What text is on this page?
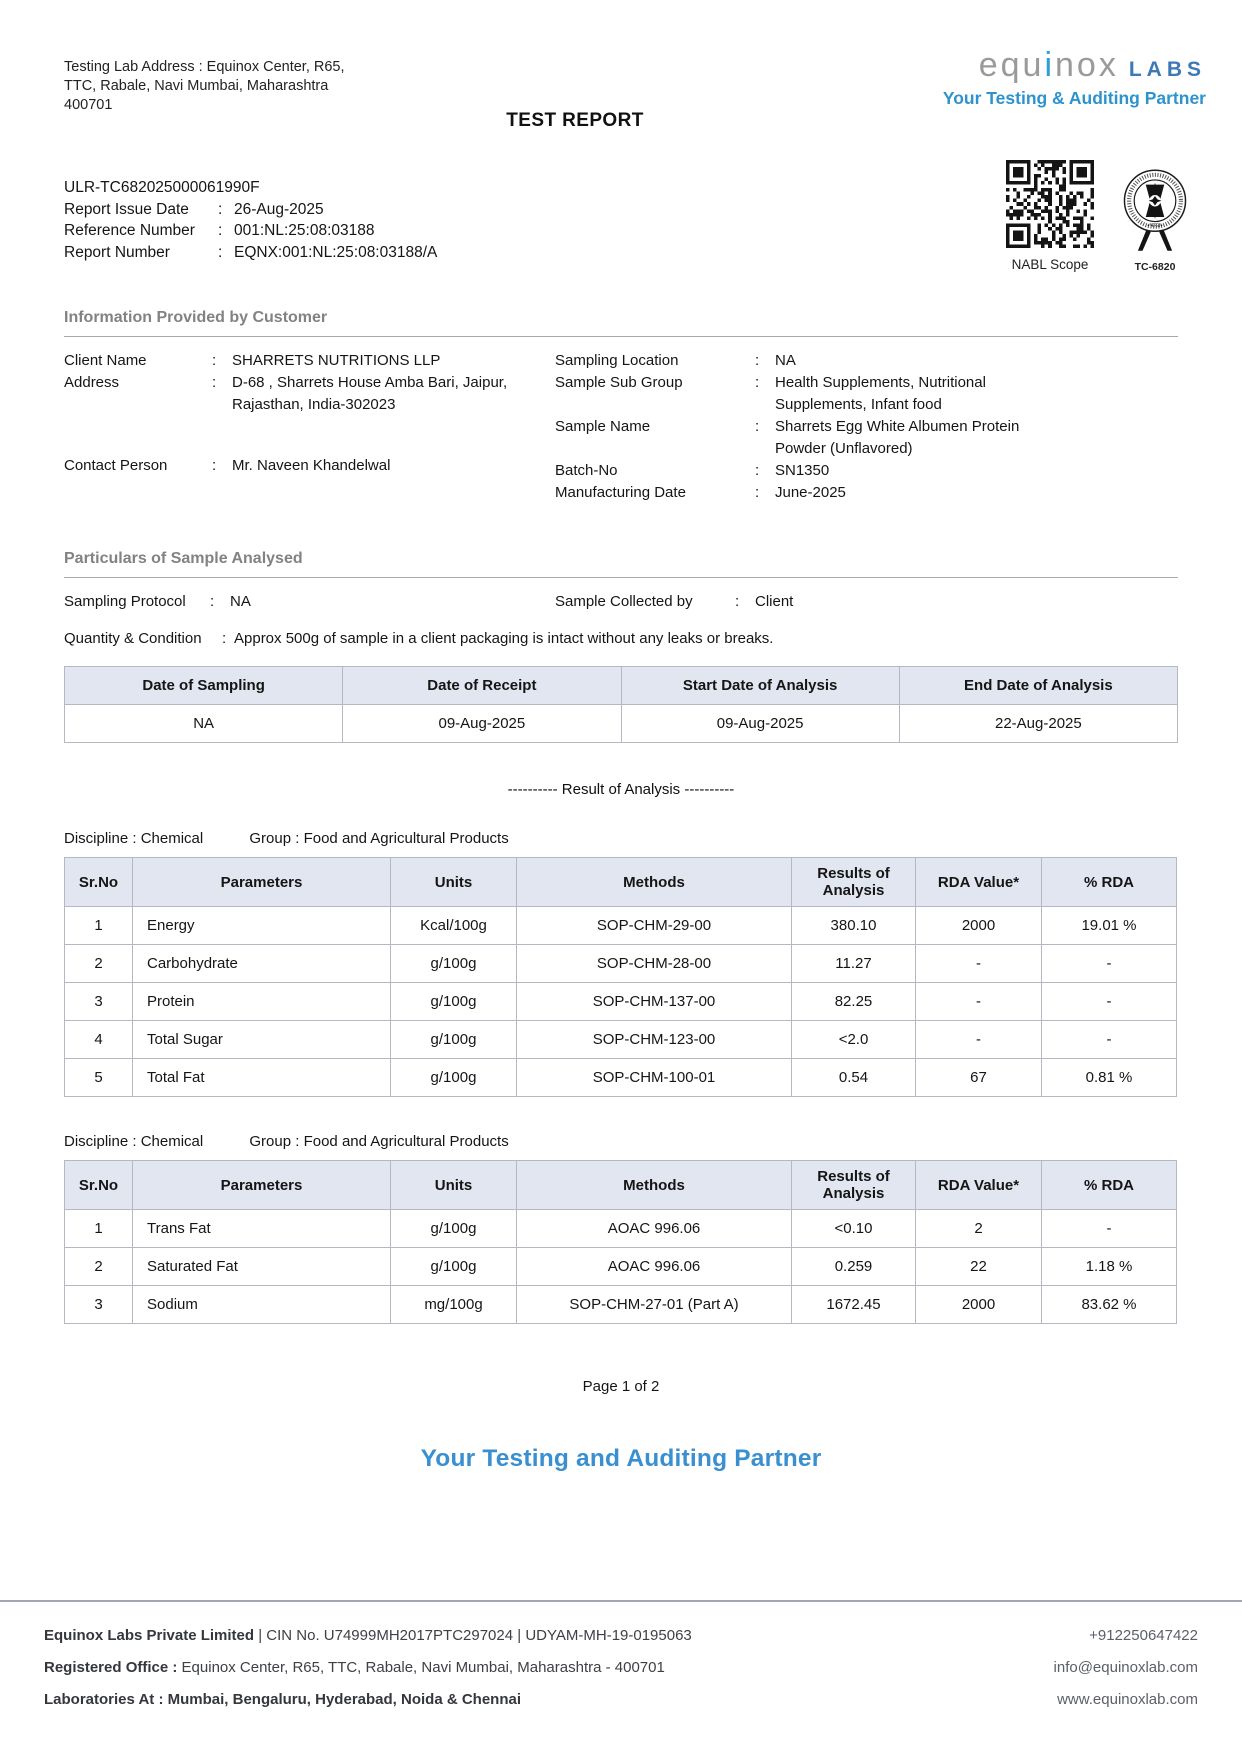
Testing Lab Address : Equinox Center, R65,
TTC, Rabale, Navi Mumbai, Maharashtra
400701
TEST REPORT
equinox LABS
Your Testing & Auditing Partner
ULR-TC682025000061990F
Report Issue Date	: 26-Aug-2025
Reference Number	: 001:NL:25:08:03188
Report Number	: EQNX:001:NL:25:08:03188/A
NABL Scope
•भारत•
TC-6820
Information Provided by Customer
Client Name	:	SHARRETS NUTRITIONS LLP
Address	:	D-68 , Sharrets House Amba Bari, Jaipur, Rajasthan, India-302023
Contact Person	:	Mr. Naveen Khandelwal
Sampling Location	:	NA
Sample Sub Group	:	Health Supplements, Nutritional Supplements, Infant food
Sample Name	:	Sharrets Egg White Albumen Protein Powder (Unflavored)
Batch-No	:	SN1350
Manufacturing Date	:	June-2025
Particulars of Sample Analysed
Sampling Protocol	:	NA	Sample Collected by	:	Client
Quantity & Condition	: Approx 500g of sample in a client packaging is intact without any leaks or breaks.
Date of Sampling	Date of Receipt	Start Date of Analysis	End Date of Analysis
NA	09-Aug-2025	09-Aug-2025	22-Aug-2025
---------- Result of Analysis ----------
Discipline : Chemical	Group : Food and Agricultural Products
Sr.No	Parameters	Units	Methods	Results of Analysis	RDA Value*	% RDA
1	Energy	Kcal/100g	SOP-CHM-29-00	380.10	2000	19.01 %
2	Carbohydrate	g/100g	SOP-CHM-28-00	11.27	-	-
3	Protein	g/100g	SOP-CHM-137-00	82.25	-	-
4	Total Sugar	g/100g	SOP-CHM-123-00	<2.0	-	-
5	Total Fat	g/100g	SOP-CHM-100-01	0.54	67	0.81 %
Discipline : Chemical	Group : Food and Agricultural Products
Sr.No	Parameters	Units	Methods	Results of Analysis	RDA Value*	% RDA
1	Trans Fat	g/100g	AOAC 996.06	<0.10	2	-
2	Saturated Fat	g/100g	AOAC 996.06	0.259	22	1.18 %
3	Sodium	mg/100g	SOP-CHM-27-01 (Part A)	1672.45	2000	83.62 %
Page 1 of 2
Your Testing and Auditing Partner
Equinox Labs Private Limited | CIN No. U74999MH2017PTC297024 | UDYAM-MH-19-0195063	+912250647422
Registered Office : Equinox Center, R65, TTC, Rabale, Navi Mumbai, Maharashtra - 400701	info@equinoxlab.com
Laboratories At : Mumbai, Bengaluru, Hyderabad, Noida & Chennai	www.equinoxlab.com
